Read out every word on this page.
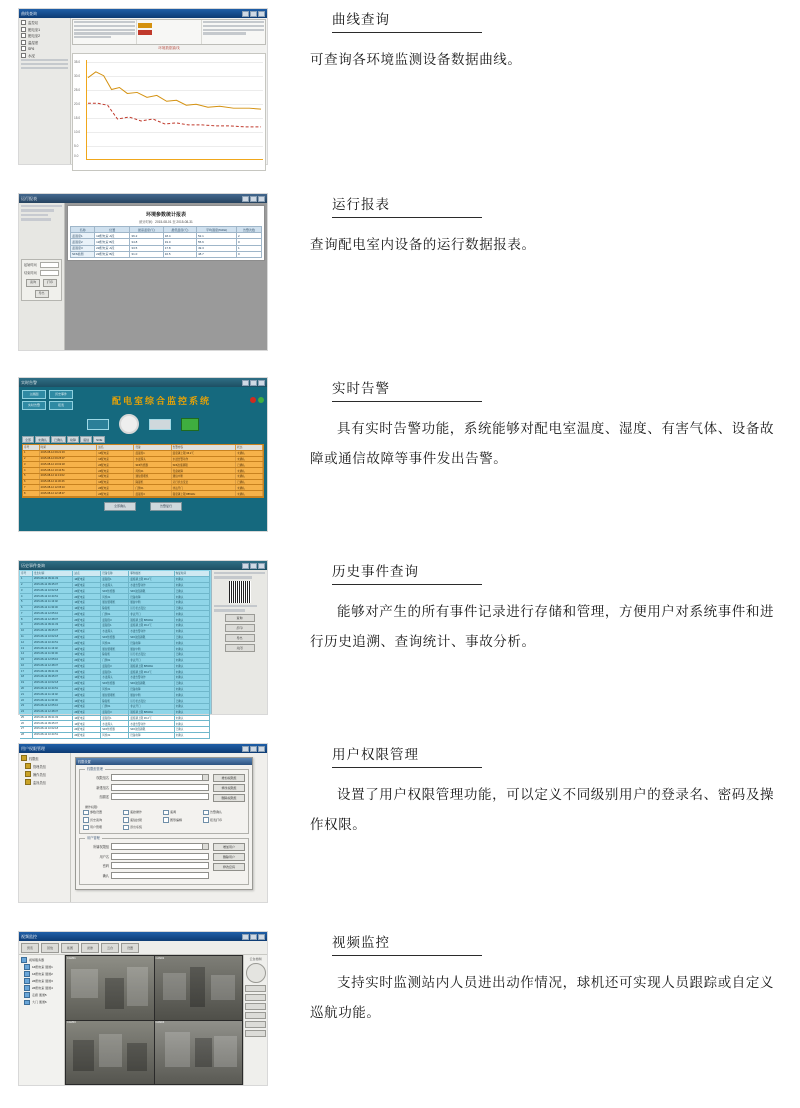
曲线查询
监控站
配电室1
配电室2
温湿度
SF6
水浸
环境数据曲线
35.0
30.0
25.0
20.0
15.0
10.0
5.0
0.0
曲线查询

可查询各环境监测设备数据曲线。

运行报表
起始时间
结束时间
查询	打印
导出
环境参数统计报表
统计时间：2015-08-01 至 2015-08-31
名称	位置	最高温度(℃)	最低温度(℃)	平均湿度(%RH)	告警次数
温湿度1	1#配电室 A段	36.2	18.4	52.1	2
温湿度2	1#配电室 B段	34.8	19.0	55.6	0
温湿度3	2#配电室 A段	33.5	17.8	49.3	1
SF6检测	2#配电室 B段	31.0	16.5	48.7	0
运行报表

查询配电室内设备的运行数据报表。

实时告警
主画面
实时告警
历史事件
报表	配电室综合监控系统
全部	未确认	已确认	故障	遥信	SOE
序号	时间	站名	设备	告警内容	状态
1	2015-08-12 09:21:33	1#配电室	温湿度1	温度越上限 36.2℃	未确认
2	2015-08-12 09:25:07	1#配电室	水浸探头	水浸告警动作	未确认
3	2015-08-12 10:02:18	2#配电室	SF6传感器	SF6浓度越限	已确认
4	2015-08-12 10:44:51	2#配电室	风机01	设备故障	未确认
5	2015-08-12 11:13:02	1#配电室	通信管理机	通信中断	未确认
6	2015-08-12 11:30:46	1#配电室	除湿机	运行状态变位	已确认
7	2015-08-12 12:05:10	2#配电室	门禁01	非法开门	未确认
8	2015-08-12 12:48:37	2#配电室	温湿度3	湿度越上限 88%RH	未确认
全部确认	告警复归
实时告警

具有实时告警功能，系统能够对配电室温度、湿度、有害气体、设备故障或通信故障等事件发出告警。

历史事件查询
序号	发生时间	站点	设备名称	事件描述	恢复时间
1	2015-08-12 09:21:33	1#配电室	温湿度1	温度越上限 36.2℃	未确认
2	2015-08-12 09:25:07	1#配电室	水浸探头	水浸告警动作	未确认
3	2015-08-12 10:02:18	2#配电室	SF6传感器	SF6浓度越限	已确认
4	2015-08-12 10:44:51	2#配电室	风机01	设备故障	未确认
5	2015-08-12 11:13:02	1#配电室	通信管理机	通信中断	未确认
6	2015-08-12 11:30:46	1#配电室	除湿机	运行状态变位	已确认
7	2015-08-12 12:05:10	2#配电室	门禁01	非法开门	未确认
8	2015-08-12 12:48:37	2#配电室	温湿度3	湿度越上限 88%RH	未确认
9	2015-08-12 09:21:33	1#配电室	温湿度1	温度越上限 36.2℃	未确认
10	2015-08-12 09:25:07	1#配电室	水浸探头	水浸告警动作	未确认
11	2015-08-12 10:02:18	2#配电室	SF6传感器	SF6浓度越限	已确认
12	2015-08-12 10:44:51	2#配电室	风机01	设备故障	未确认
13	2015-08-12 11:13:02	1#配电室	通信管理机	通信中断	未确认
14	2015-08-12 11:30:46	1#配电室	除湿机	运行状态变位	已确认
15	2015-08-12 12:05:10	2#配电室	门禁01	非法开门	未确认
16	2015-08-12 12:48:37	2#配电室	温湿度3	湿度越上限 88%RH	未确认
17	2015-08-12 09:21:33	1#配电室	温湿度1	温度越上限 36.2℃	未确认
18	2015-08-12 09:25:07	1#配电室	水浸探头	水浸告警动作	未确认
19	2015-08-12 10:02:18	2#配电室	SF6传感器	SF6浓度越限	已确认
20	2015-08-12 10:44:51	2#配电室	风机01	设备故障	未确认
21	2015-08-12 11:13:02	1#配电室	通信管理机	通信中断	未确认
22	2015-08-12 11:30:46	1#配电室	除湿机	运行状态变位	已确认
23	2015-08-12 12:05:10	2#配电室	门禁01	非法开门	未确认
24	2015-08-12 12:48:37	2#配电室	温湿度3	湿度越上限 88%RH	未确认
25	2015-08-12 09:21:33	1#配电室	温湿度1	温度越上限 36.2℃	未确认
26	2015-08-12 09:25:07	1#配电室	水浸探头	水浸告警动作	未确认
27	2015-08-12 10:02:18	2#配电室	SF6传感器	SF6浓度越限	已确认
28	2015-08-12 10:44:51	2#配电室	风机01	设备故障	未确认
查询
打印
导出
关闭
历史事件查询

能够对产生的所有事件记录进行存储和管理，方便用户对系统事件和进行历史追溯、查询统计、事故分析。

用户权限管理
权限组
管理员组
操作员组
监视员组
权限设置
权限组管理
权限组名
新建组名
组描述
增加权限组
修改权限组
删除权限组
操作权限：
参数设置	遥控操作	遥调	告警确认
历史查询	遥信封锁	图形编辑	报表打印
用户管理	退出系统
用户管理
所属权限组
用户名
密码
确认
增加用户
删除用户
修改密码
用户权限管理

设置了用户权限管理功能，可以定义不同级别用户的登录名、密码及操作权限。

视频监控
预览	回放	抓图	录像	云台	设置
视频服务器
1#配电室 通道1
1#配电室 通道2
2#配电室 通道3
2#配电室 通道4
走廊 通道5
大门 通道6
CAM01	CAM02
CAM03	CAM04
云台控制
视频监控

支持实时监测站内人员进出动作情况，球机还可实现人员跟踪或自定义巡航功能。
